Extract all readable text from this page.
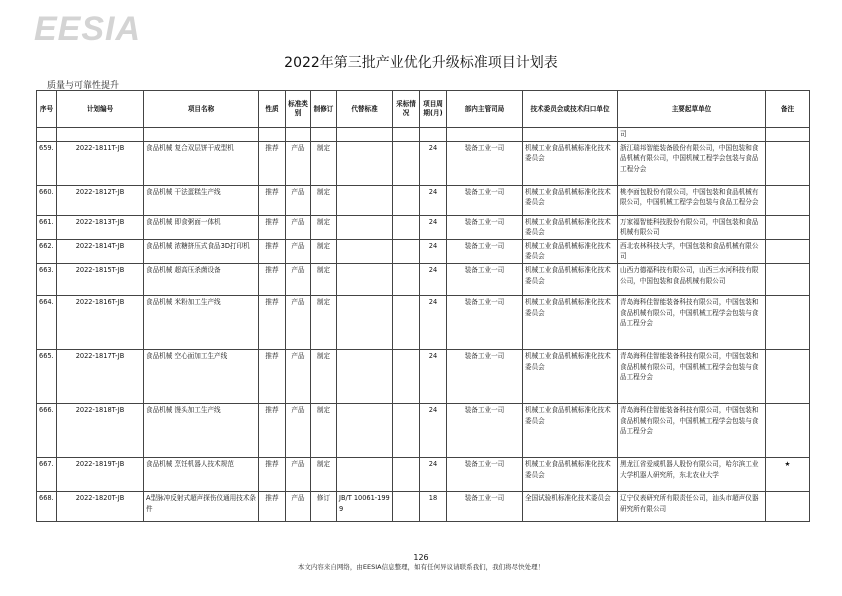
EESIA
2022年第三批产业优化升级标准项目计划表
质量与可靠性提升
序号	计划编号	项目名称	性质	标准类别	制修订	代替标准	采标情况	项目周期(月)	部内主管司局	技术委员会或技术归口单位	主要起草单位	备注
											司	
659.	2022-1811T-JB	食品机械 复合双层饼干成型机	推荐	产品	制定			24	装备工业一司	机械工业食品机械标准化技术委员会	浙江瑞邦智能装备股份有限公司，中国包装和食品机械有限公司，中国机械工程学会包装与食品工程分会	
660.	2022-1812T-JB	食品机械 干法蛋糕生产线	推荐	产品	制定			24	装备工业一司	机械工业食品机械标准化技术委员会	桃李面包股份有限公司，中国包装和食品机械有限公司，中国机械工程学会包装与食品工程分会	
661.	2022-1813T-JB	食品机械 即食粥面一体机	推荐	产品	制定			24	装备工业一司	机械工业食品机械标准化技术委员会	万家福智能科技股份有限公司，中国包装和食品机械有限公司	
662.	2022-1814T-JB	食品机械 浓糖挤压式食品3D打印机	推荐	产品	制定			24	装备工业一司	机械工业食品机械标准化技术委员会	西北农林科技大学，中国包装和食品机械有限公司	
663.	2022-1815T-JB	食品机械 超高压杀菌设备	推荐	产品	制定			24	装备工业一司	机械工业食品机械标准化技术委员会	山西力德福科技有限公司，山西三水河科技有限公司，中国包装和食品机械有限公司	
664.	2022-1816T-JB	食品机械 米粉加工生产线	推荐	产品	制定			24	装备工业一司	机械工业食品机械标准化技术委员会	青岛海科佳智能装备科技有限公司，中国包装和食品机械有限公司，中国机械工程学会包装与食品工程分会	
665.	2022-1817T-JB	食品机械 空心面加工生产线	推荐	产品	制定			24	装备工业一司	机械工业食品机械标准化技术委员会	青岛海科佳智能装备科技有限公司，中国包装和食品机械有限公司，中国机械工程学会包装与食品工程分会	
666.	2022-1818T-JB	食品机械 馒头加工生产线	推荐	产品	制定			24	装备工业一司	机械工业食品机械标准化技术委员会	青岛海科佳智能装备科技有限公司，中国包装和食品机械有限公司，中国机械工程学会包装与食品工程分会	
667.	2022-1819T-JB	食品机械 烹饪机器人技术规范	推荐	产品	制定			24	装备工业一司	机械工业食品机械标准化技术委员会	黑龙江省爱威机器人股份有限公司，哈尔滨工业大学机器人研究所，东北农业大学	★
668.	2022-1820T-JB	A型脉冲反射式超声探伤仪通用技术条件	推荐	产品	修订	JB/T 10061-1999		18	装备工业一司	全国试验机标准化技术委员会	辽宁仪表研究所有限责任公司，汕头市超声仪器研究所有限公司	
126
本文内容来自网络，由EESIA信息整理，如有任何异议请联系我们，我们将尽快处理！
